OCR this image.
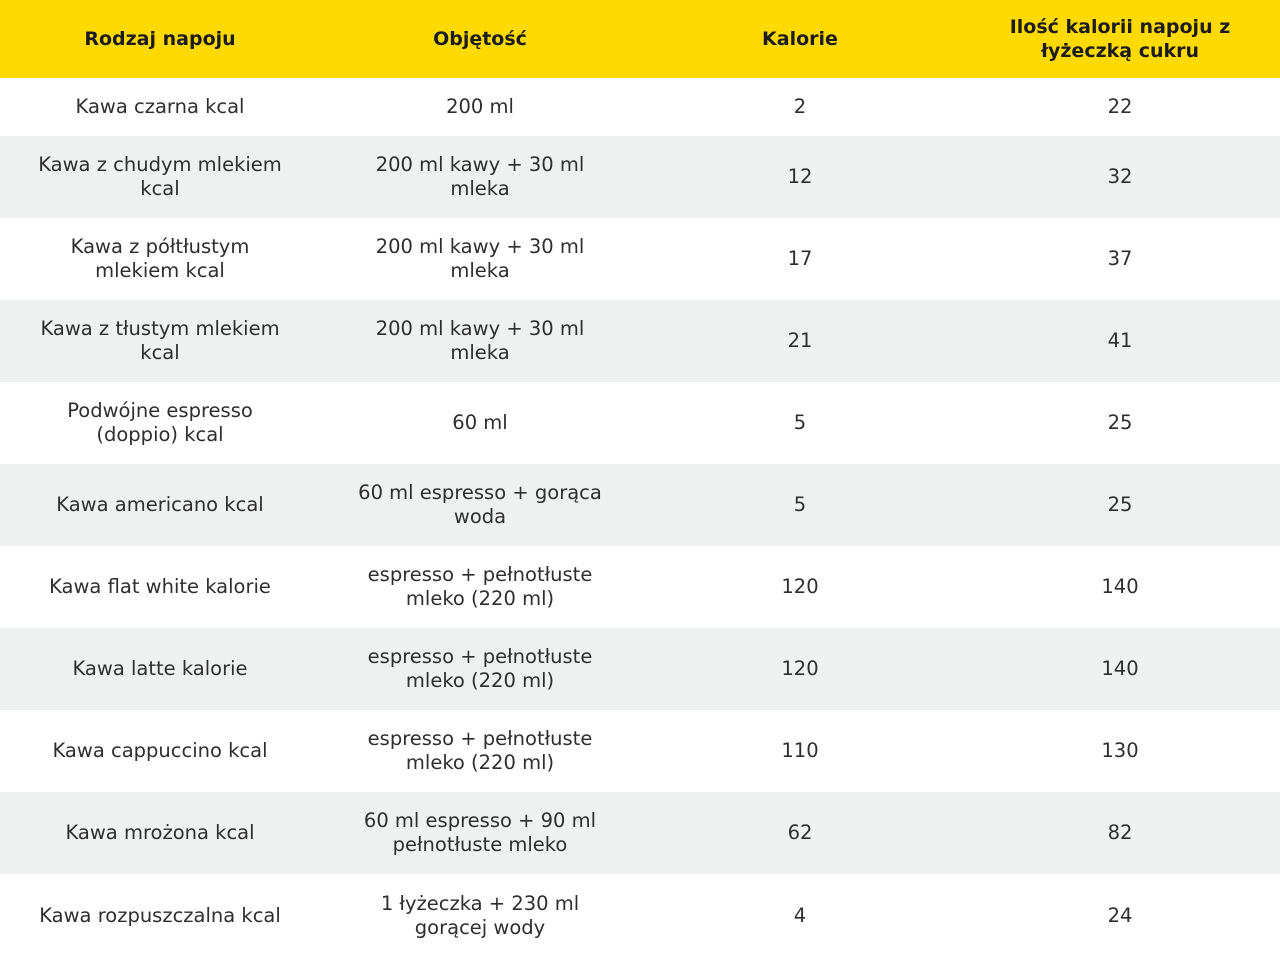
Rodzaj napoju	Objętość	Kalorie	Ilość kalorii napoju z łyżeczką cukru
Kawa czarna kcal	200 ml	2	22
Kawa z chudym mlekiem kcal	200 ml kawy + 30 ml mleka	12	32
Kawa z półtłustym mlekiem kcal	200 ml kawy + 30 ml mleka	17	37
Kawa z tłustym mlekiem kcal	200 ml kawy + 30 ml mleka	21	41
Podwójne espresso (doppio) kcal	60 ml	5	25
Kawa americano kcal	60 ml espresso + gorąca woda	5	25
Kawa flat white kalorie	espresso + pełnotłuste mleko (220 ml)	120	140
Kawa latte kalorie	espresso + pełnotłuste mleko (220 ml)	120	140
Kawa cappuccino kcal	espresso + pełnotłuste mleko (220 ml)	110	130
Kawa mrożona kcal	60 ml espresso + 90 ml pełnotłuste mleko	62	82
Kawa rozpuszczalna kcal	1 łyżeczka + 230 ml gorącej wody	4	24
